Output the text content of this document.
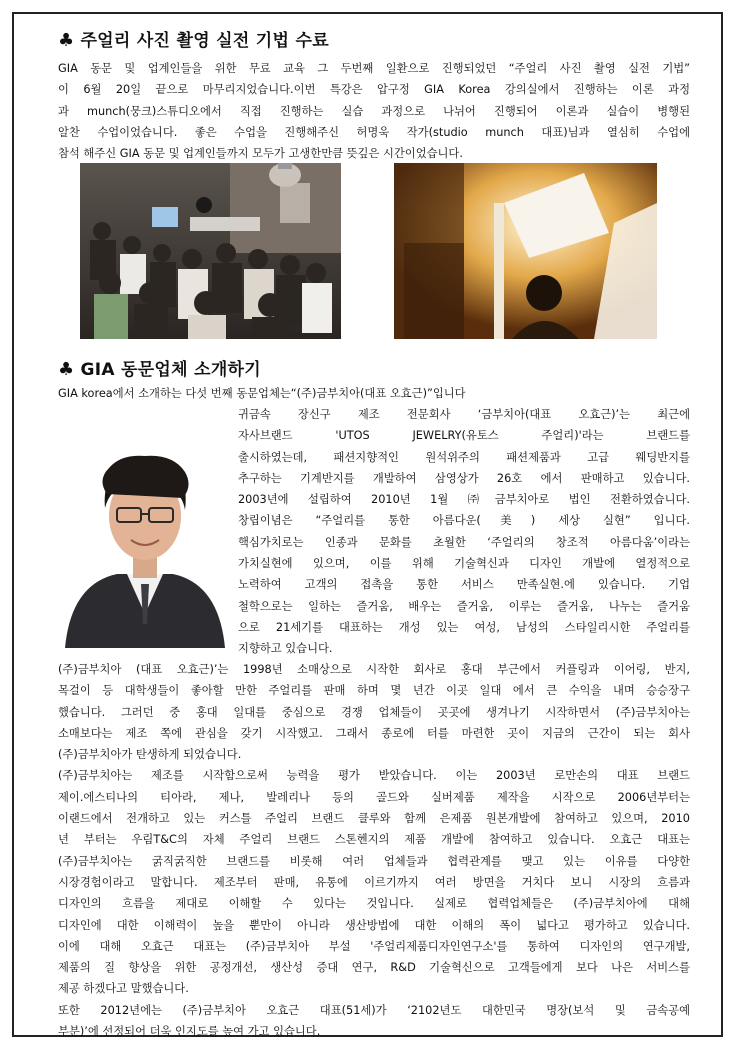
♣ 주얼리 사진 촬영 실전 기법 수료
GIA 동문 및 업계인들을 위한 무료 교육 그 두번째 일환으로 진행되었던 “주얼리 사진 촬영 실전 기법”
이 6월 20일 끝으로 마무리지었습니다.이번 특강은 압구정 GIA Korea 강의실에서 진행하는 이론 과정
과 munch(뭉크)스튜디오에서 직접 진행하는 실습 과정으로 나뉘어 진행되어 이론과 실습이 병행된
알찬 수업이었습니다. 좋은 수업을 진행해주신 허명욱 작가(studio munch 대표)님과 열심히 수업에
참석 해주신 GIA 동문 및 업계인들까지 모두가 고생한만큼 뜻깊은 시간이었습니다.
♣ GIA 동문업체 소개하기
GIA korea에서 소개하는 다섯 번째 동문업체는“(주)금부치아(대표 오효근)”입니다
귀금속 장신구 제조 전문회사 ‘금부치아(대표 오효근)’는 최근에
자사브랜드 'UTOS JEWELRY(유토스 주얼리)'라는 브랜드를
출시하였는데, 패션지향적인 원석위주의 패션제품과 고급 웨딩반지를
추구하는 기계반지를 개발하여 삼영상가 26호 에서 판매하고 있습니다.
2003년에 설립하여 2010년 1월 ㈜금부치아로 법인 전환하였습니다.
창립이념은 “주얼리를 통한 아름다운(美) 세상 실현” 입니다.
핵심가치로는 인종과 문화를 초월한 ‘주얼리의 창조적 아름다움’이라는
가치실현에 있으며, 이를 위해 기술혁신과 디자인 개발에 열정적으로
노력하여 고객의 접촉을 통한 서비스 만족실현.에 있습니다. 기업
철학으로는 일하는 즐거움, 배우는 즐거움, 이루는 즐거움, 나누는 즐거움
으로 21세기를 대표하는 개성 있는 여성, 남성의 스타일리시한 주얼리를
지향하고 있습니다.
(주)금부치아 (대표 오효근)’는 1998년 소매상으로 시작한 회사로 홍대 부근에서 커플링과 이어링, 반지,
목걸이 등 대학생들이 좋아할 만한 주얼리를 판매 하며 몇 년간 이곳 일대 에서 큰 수익을 내며 승승장구
했습니다. 그러던 중 홍대 일대를 중심으로 경쟁 업체들이 곳곳에 생겨나기 시작하면서 (주)금부치아는
소매보다는 제조 쪽에 관심을 갖기 시작했고. 그래서 종로에 터를 마련한 곳이 지금의 근간이 되는 회사
(주)금부치아가 탄생하게 되었습니다.
(주)금부치아는 제조를 시작함으로써 능력을 평가 받았습니다. 이는 2003년 로만손의 대표 브랜드
제이.에스티나의 티아라, 제나, 발레리나 등의 골드와 실버제품 제작을 시작으로 2006년부터는
이랜드에서 전개하고 있는 커스틀 주얼리 브랜드 클루와 함께 은제품 원본개발에 참여하고 있으며, 2010
년 부터는 우림T&C의 자체 주얼리 브랜드 스톤헨지의 제품 개발에 참여하고 있습니다. 오효근 대표는
(주)금부치아는 굵직굵직한 브랜드를 비롯해 여러 업체들과 협력관계를 맺고 있는 이유를 다양한
시장경험이라고 말합니다. 제조부터 판매, 유통에 이르기까지 여러 방면을 거치다 보니 시장의 흐름과
디자인의 흐름을 제대로 이해할 수 있다는 것입니다. 실제로 협력업체들은 (주)금부치아에 대해
디자인에 대한 이해력이 높을 뿐만이 아니라 생산방법에 대한 이해의 폭이 넓다고 평가하고 있습니다.
이에 대해 오효근 대표는 (주)금부치아 부설 '주얼리제품디자인연구소'를 통하여 디자인의 연구개발,
제품의 질 향상을 위한 공정개선, 생산성 증대 연구, R&D 기술혁신으로 고객들에게 보다 나은 서비스를
제공 하겠다고 말했습니다.
또한 2012년에는 (주)금부치아 오효근 대표(51세)가 ‘2102년도 대한민국 명장(보석 및 금속공예
부분)’에 선정되어 더욱 인지도를 높여 가고 있습니다.
